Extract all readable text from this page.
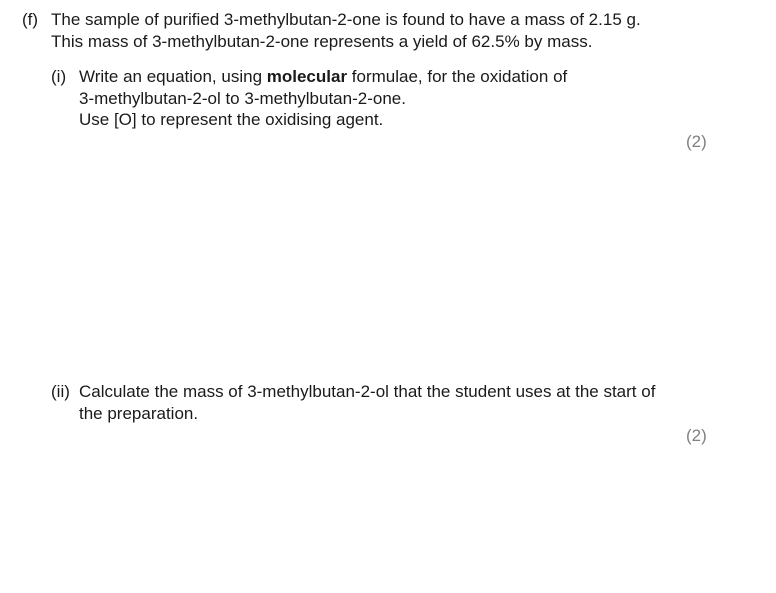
(f) The sample of purified 3-methylbutan-2-one is found to have a mass of 2.15 g.
This mass of 3-methylbutan-2-one represents a yield of 62.5% by mass.
(i) Write an equation, using molecular formulae, for the oxidation of
3-methylbutan-2-ol to 3-methylbutan-2-one.
Use [O] to represent the oxidising agent.
(2)
(ii) Calculate the mass of 3-methylbutan-2-ol that the student uses at the start of
the preparation.
(2)
